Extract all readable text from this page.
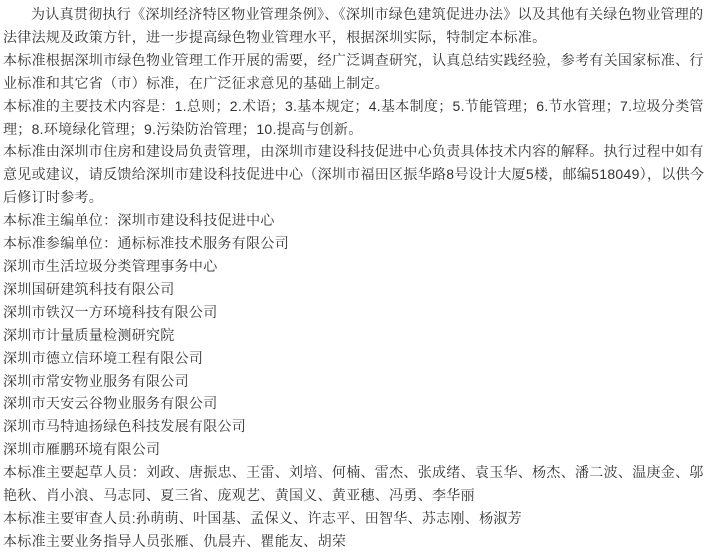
为认真贯彻执行《深圳经济特区物业管理条例》、《深圳市绿色建筑促进办法》以及其他有关绿色物业管理的法律法规及政策方针，进一步提高绿色物业管理水平，根据深圳实际，特制定本标准。

本标准根据深圳市绿色物业管理工作开展的需要，经广泛调查研究，认真总结实践经验，参考有关国家标准、行业标准和其它省（市）标准，在广泛征求意见的基础上制定。

本标准的主要技术内容是：1.总则；2.术语；3.基本规定；4.基本制度；5.节能管理；6.节水管理；7.垃圾分类管理；8.环境绿化管理；9.污染防治管理；10.提高与创新。

本标准由深圳市住房和建设局负责管理，由深圳市建设科技促进中心负责具体技术内容的解释。执行过程中如有意见或建议，请反馈给深圳市建设科技促进中心（深圳市福田区振华路8号设计大厦5楼，邮编518049），以供今后修订时参考。

本标准主编单位：深圳市建设科技促进中心

本标准参编单位：通标标准技术服务有限公司

深圳市生活垃圾分类管理事务中心

深圳国研建筑科技有限公司

深圳市铁汉一方环境科技有限公司

深圳市计量质量检测研究院

深圳市德立信环境工程有限公司

深圳市常安物业服务有限公司

深圳市天安云谷物业服务有限公司

深圳市马特迪扬绿色科技发展有限公司

深圳市雁鹏环境有限公司

本标准主要起草人员：刘政、唐振忠、王雷、刘培、何楠、雷杰、张成绪、袁玉华、杨杰、潘二波、温庚金、邬艳秋、肖小浪、马志同、夏三省、庞观艺、黄国义、黄亚穗、冯勇、李华丽

本标准主要审查人员:孙萌萌、叶国基、孟保义、许志平、田智华、苏志刚、杨淑芳

本标准主要业务指导人员张雁、仇晨卉、瞿能友、胡荣
